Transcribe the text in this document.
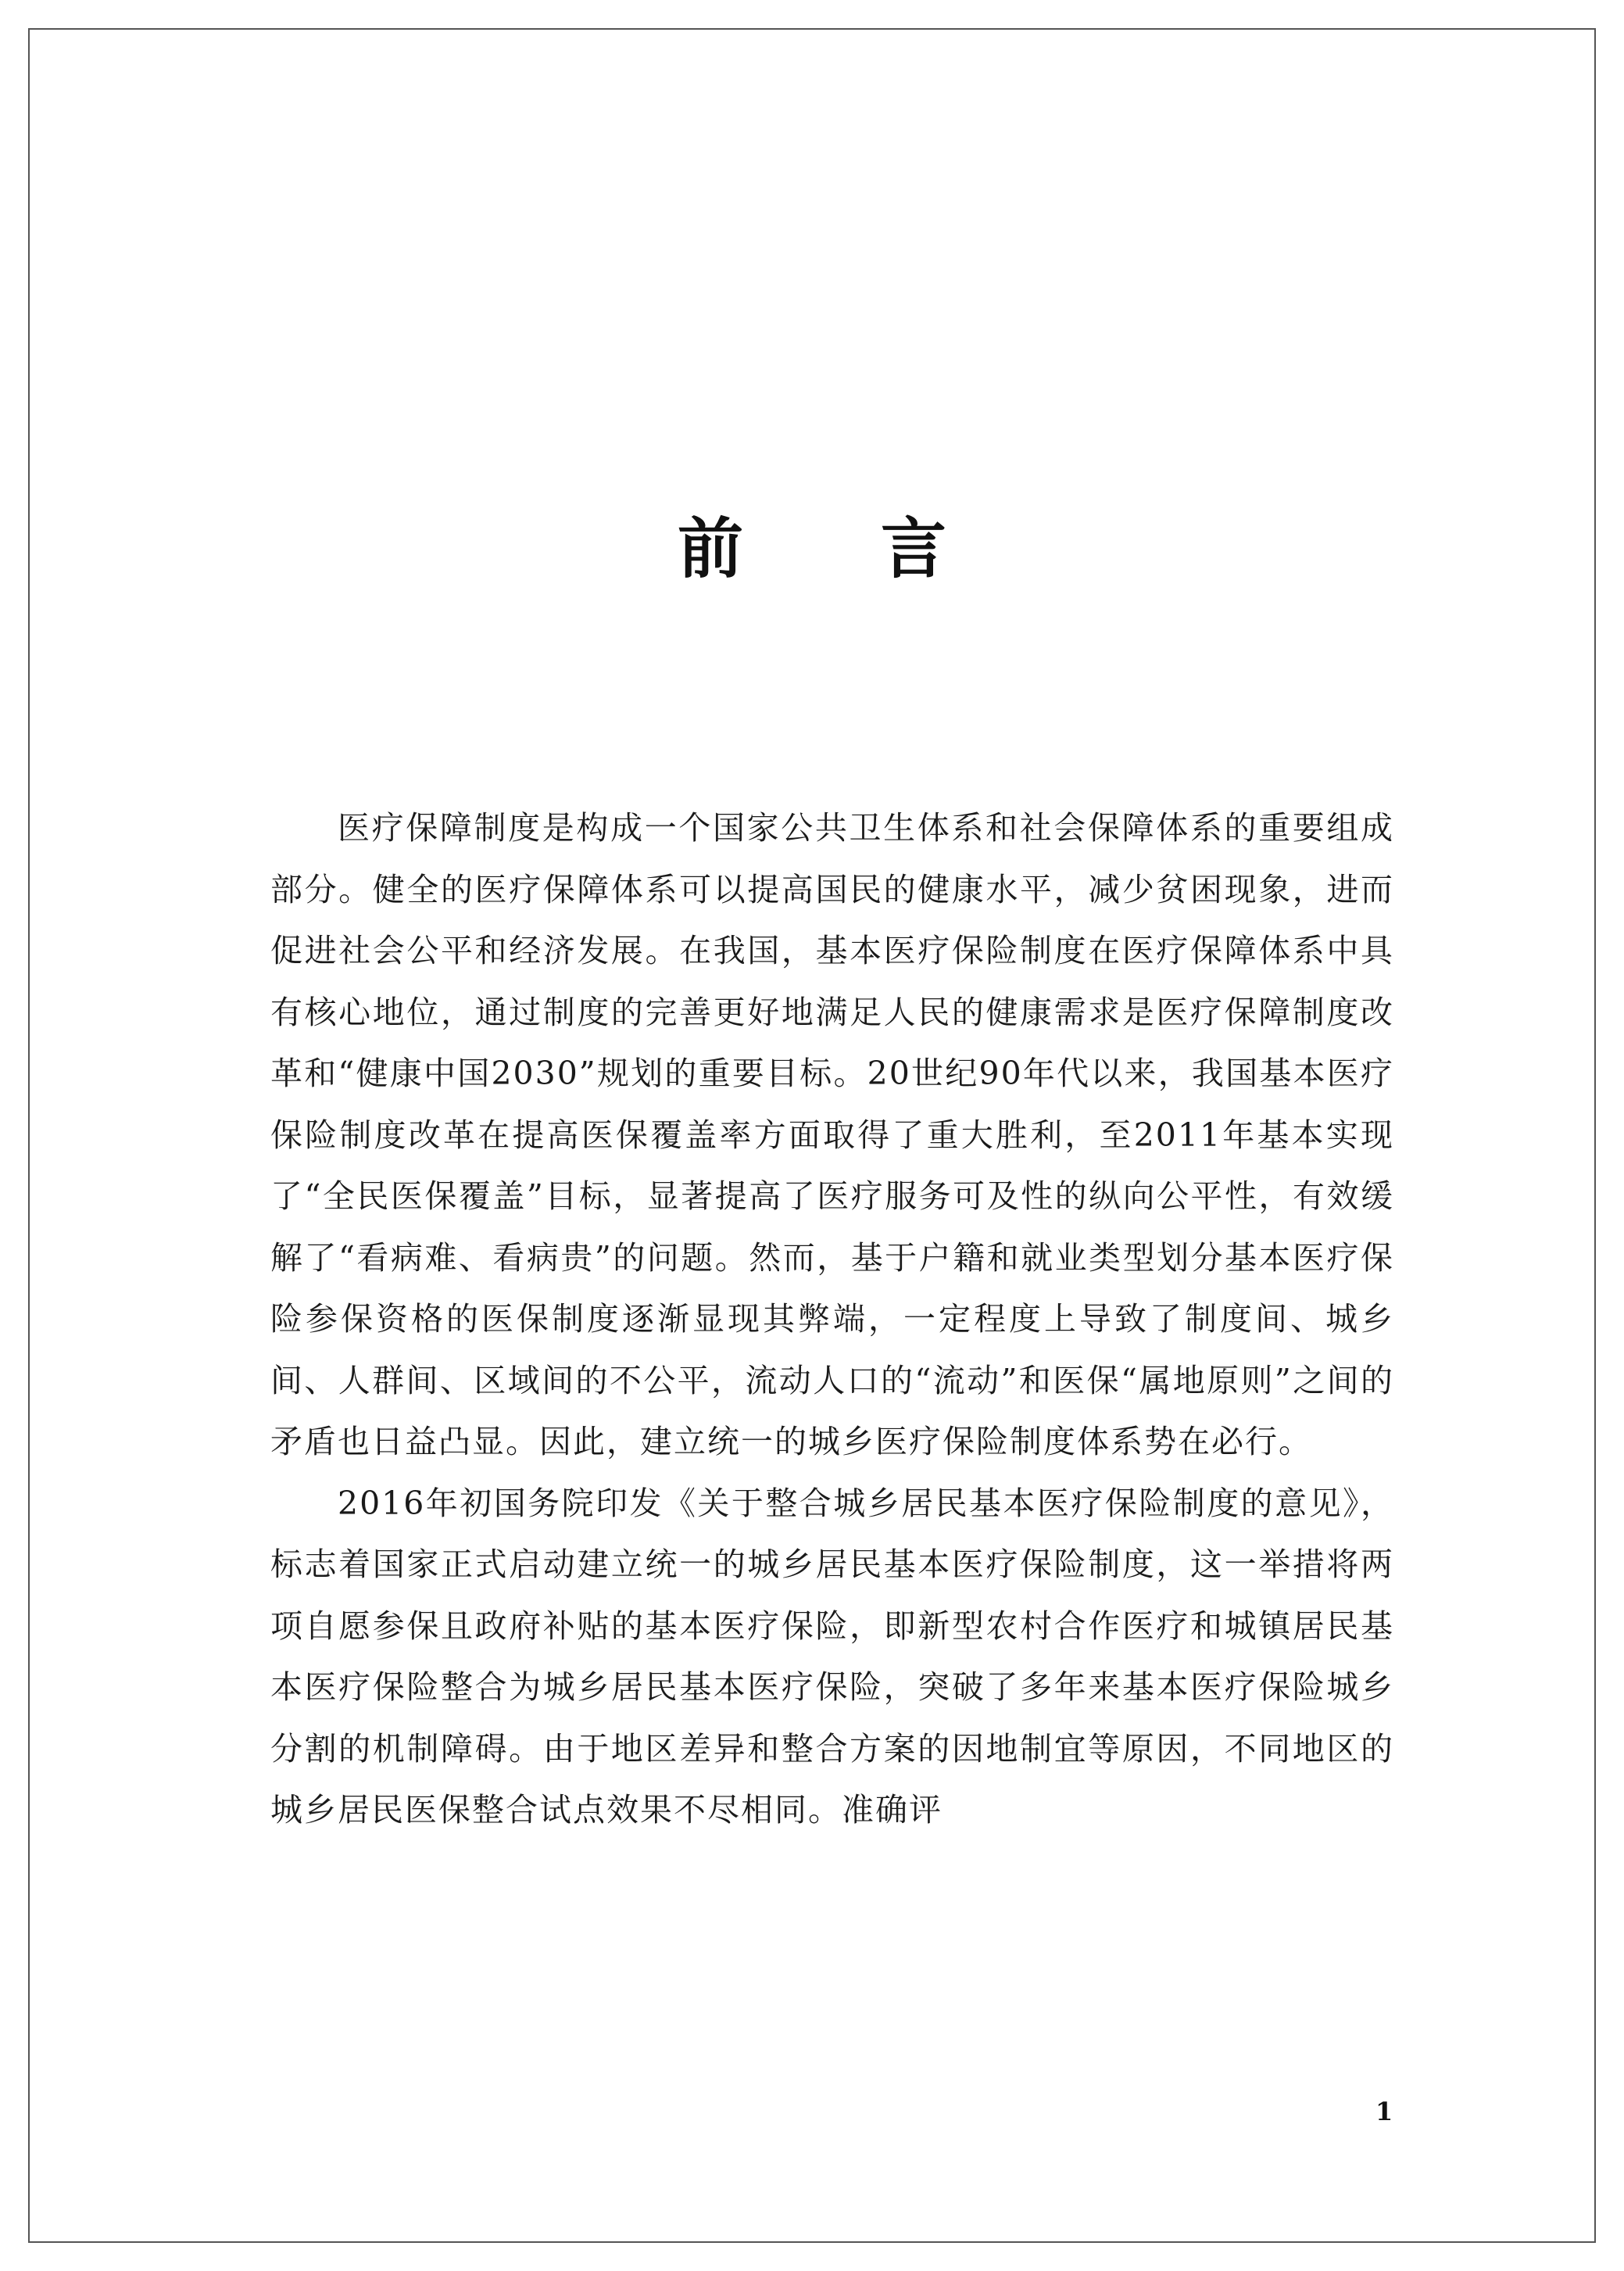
前 言

医疗保障制度是构成一个国家公共卫生体系和社会保障体系的重要组成部分。健全的医疗保障体系可以提高国民的健康水平，减少贫困现象，进而促进社会公平和经济发展。在我国，基本医疗保险制度在医疗保障体系中具有核心地位，通过制度的完善更好地满足人民的健康需求是医疗保障制度改革和“健康中国2030”规划的重要目标。20世纪90年代以来，我国基本医疗保险制度改革在提高医保覆盖率方面取得了重大胜利，至2011年基本实现了“全民医保覆盖”目标，显著提高了医疗服务可及性的纵向公平性，有效缓解了“看病难、看病贵”的问题。然而，基于户籍和就业类型划分基本医疗保险参保资格的医保制度逐渐显现其弊端，一定程度上导致了制度间、城乡间、人群间、区域间的不公平，流动人口的“流动”和医保“属地原则”之间的矛盾也日益凸显。因此，建立统一的城乡医疗保险制度体系势在必行。

2016年初国务院印发《关于整合城乡居民基本医疗保险制度的意见》，标志着国家正式启动建立统一的城乡居民基本医疗保险制度，这一举措将两项自愿参保且政府补贴的基本医疗保险，即新型农村合作医疗和城镇居民基本医疗保险整合为城乡居民基本医疗保险，突破了多年来基本医疗保险城乡分割的机制障碍。由于地区差异和整合方案的因地制宜等原因，不同地区的城乡居民医保整合试点效果不尽相同。准确评

1
